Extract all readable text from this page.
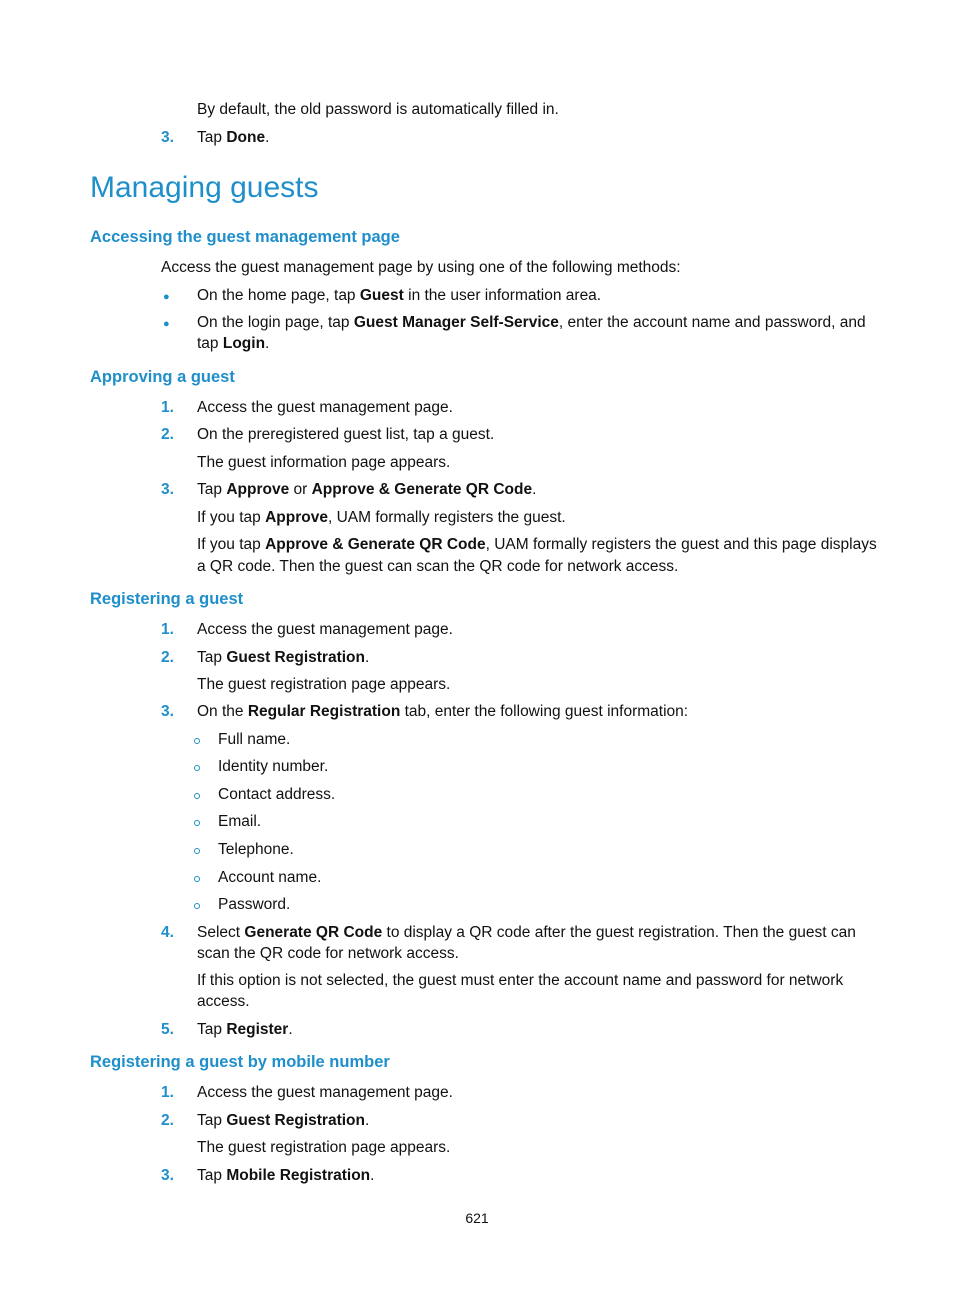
By default, the old password is automatically filled in.
3. Tap Done.
Managing guests
Accessing the guest management page
Access the guest management page by using one of the following methods:
● On the home page, tap Guest in the user information area.
● On the login page, tap Guest Manager Self-Service, enter the account name and password, and
tap Login.
Approving a guest
1. Access the guest management page.
2. On the preregistered guest list, tap a guest.
The guest information page appears.
3. Tap Approve or Approve & Generate QR Code.
If you tap Approve, UAM formally registers the guest.
If you tap Approve & Generate QR Code, UAM formally registers the guest and this page displays
a QR code. Then the guest can scan the QR code for network access.
Registering a guest
1. Access the guest management page.
2. Tap Guest Registration.
The guest registration page appears.
3. On the Regular Registration tab, enter the following guest information:
Full name.
Identity number.
Contact address.
Email.
Telephone.
Account name.
Password.
4. Select Generate QR Code to display a QR code after the guest registration. Then the guest can
scan the QR code for network access.
If this option is not selected, the guest must enter the account name and password for network
access.
5. Tap Register.
Registering a guest by mobile number
1. Access the guest management page.
2. Tap Guest Registration.
The guest registration page appears.
3. Tap Mobile Registration.
621
